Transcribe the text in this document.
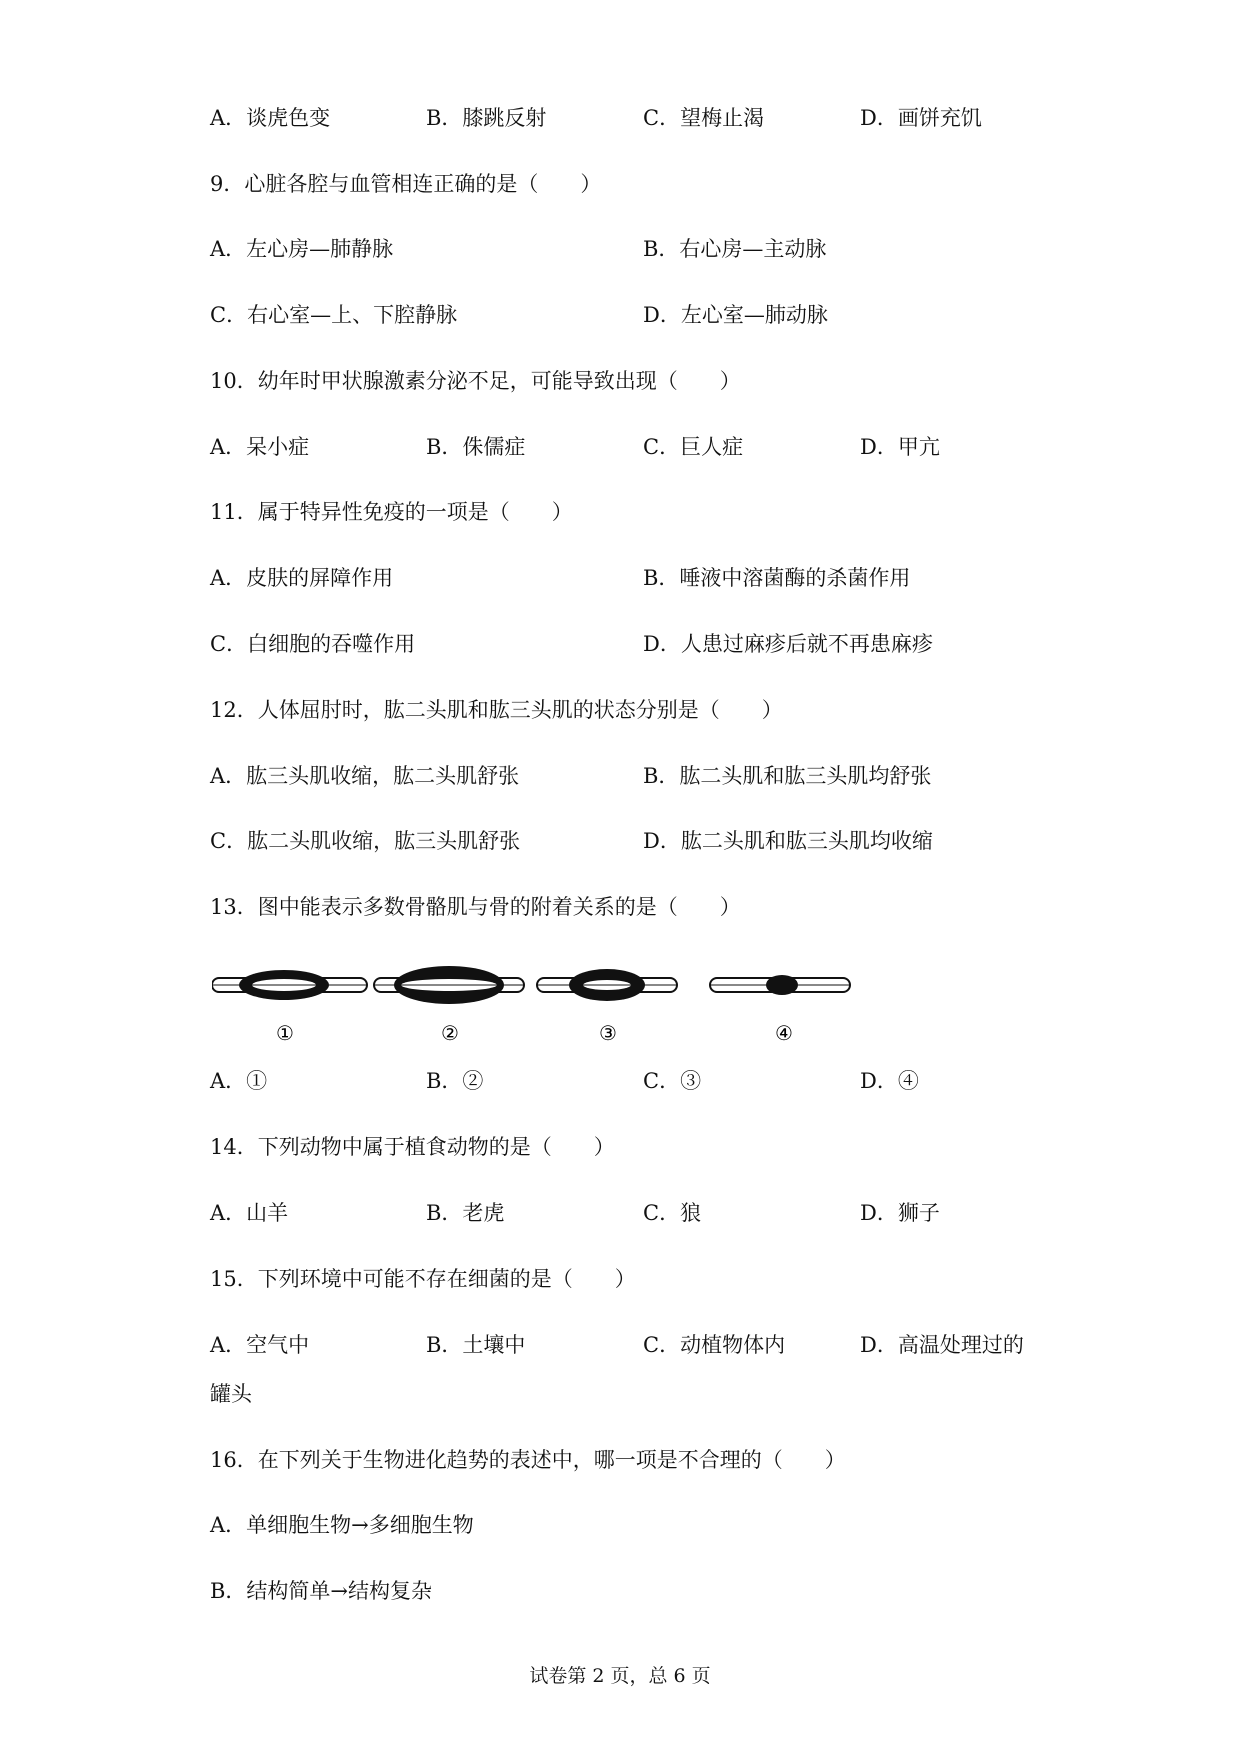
A．谈虎色变	B．膝跳反射	C．望梅止渴	D．画饼充饥
9．心脏各腔与血管相连正确的是（　　）
A．左心房—肺静脉	B．右心房—主动脉
C．右心室—上、下腔静脉	D．左心室—肺动脉
10．幼年时甲状腺激素分泌不足，可能导致出现（　　）
A．呆小症	B．侏儒症	C．巨人症	D．甲亢
11．属于特异性免疫的一项是（　　）
A．皮肤的屏障作用	B．唾液中溶菌酶的杀菌作用
C．白细胞的吞噬作用	D．人患过麻疹后就不再患麻疹
12．人体屈肘时，肱二头肌和肱三头肌的状态分别是（　　）
A．肱三头肌收缩，肱二头肌舒张	B．肱二头肌和肱三头肌均舒张
C．肱二头肌收缩，肱三头肌舒张	D．肱二头肌和肱三头肌均收缩
13．图中能表示多数骨骼肌与骨的附着关系的是（　　）
①	②	③	④
A．①	B．②	C．③	D．④
14．下列动物中属于植食动物的是（　　）
A．山羊	B．老虎	C．狼	D．狮子
15．下列环境中可能不存在细菌的是（　　）
A．空气中	B．土壤中	C．动植物体内	D．高温处理过的
罐头
16．在下列关于生物进化趋势的表述中，哪一项是不合理的（　　）
A．单细胞生物→多细胞生物
B．结构简单→结构复杂
试卷第 2 页，总 6 页
